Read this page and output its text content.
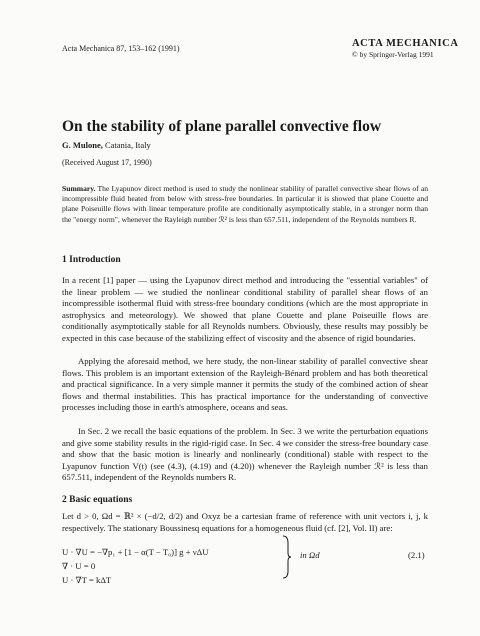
Acta Mechanica 87, 153–162 (1991)	ACTA MECHANICA
© by Springer-Verlag 1991
On the stability of plane parallel convective flow
G. Mulone, Catania, Italy
(Received August 17, 1990)
Summary. The Lyapunov direct method is used to study the nonlinear stability of parallel convective shear flows of an incompressible fluid heated from below with stress-free boundaries. In particular it is showed that plane Couette and plane Poiseuille flows with linear temperature profile are conditionally asymptotically stable, in a stronger norm than the "energy norm", whenever the Rayleigh number ℛ² is less than 657.511, independent of the Reynolds numbers R.
1 Introduction
In a recent [1] paper — using the Lyapunov direct method and introducing the "essential variables" of the linear problem — we studied the nonlinear conditional stability of parallel shear flows of an incompressible isothermal fluid with stress-free boundary conditions (which are the most appropriate in astrophysics and meteorology). We showed that plane Couette and plane Poiseuille flows are conditionally asymptotically stable for all Reynolds numbers. Obviously, these results may possibly be expected in this case because of the stabilizing effect of viscosity and the absence of rigid boundaries.
Applying the aforesaid method, we here study, the non-linear stability of parallel convective shear flows. This problem is an important extension of the Rayleigh-Bénard problem and has both theoretical and practical significance. In a very simple manner it permits the study of the combined action of shear flows and thermal instabilities. This has practical importance for the understanding of convective processes including those in earth's atmosphere, oceans and seas.
In Sec. 2 we recall the basic equations of the problem. In Sec. 3 we write the perturbation equations and give some stability results in the rigid-rigid case. In Sec. 4 we consider the stress-free boundary case and show that the basic motion is linearly and nonlinearly (conditional) stable with respect to the Lyapunov function V(t) (see (4.3), (4.19) and (4.20)) whenever the Rayleigh number ℛ² is less than 657.511, independent of the Reynolds numbers R.
2 Basic equations
Let d > 0, Ωd = ℝ² × (−d/2, d/2) and Oxyz be a cartesian frame of reference with unit vectors i, j, k respectively. The stationary Boussinesq equations for a homogeneous fluid (cf. [2], Vol. II) are:
U · ∇U = −∇p₁ + [1 − α(T − T₀)] g + νΔU
∇ · U = 0
U · ∇T = kΔT
in Ωd	(2.1)
